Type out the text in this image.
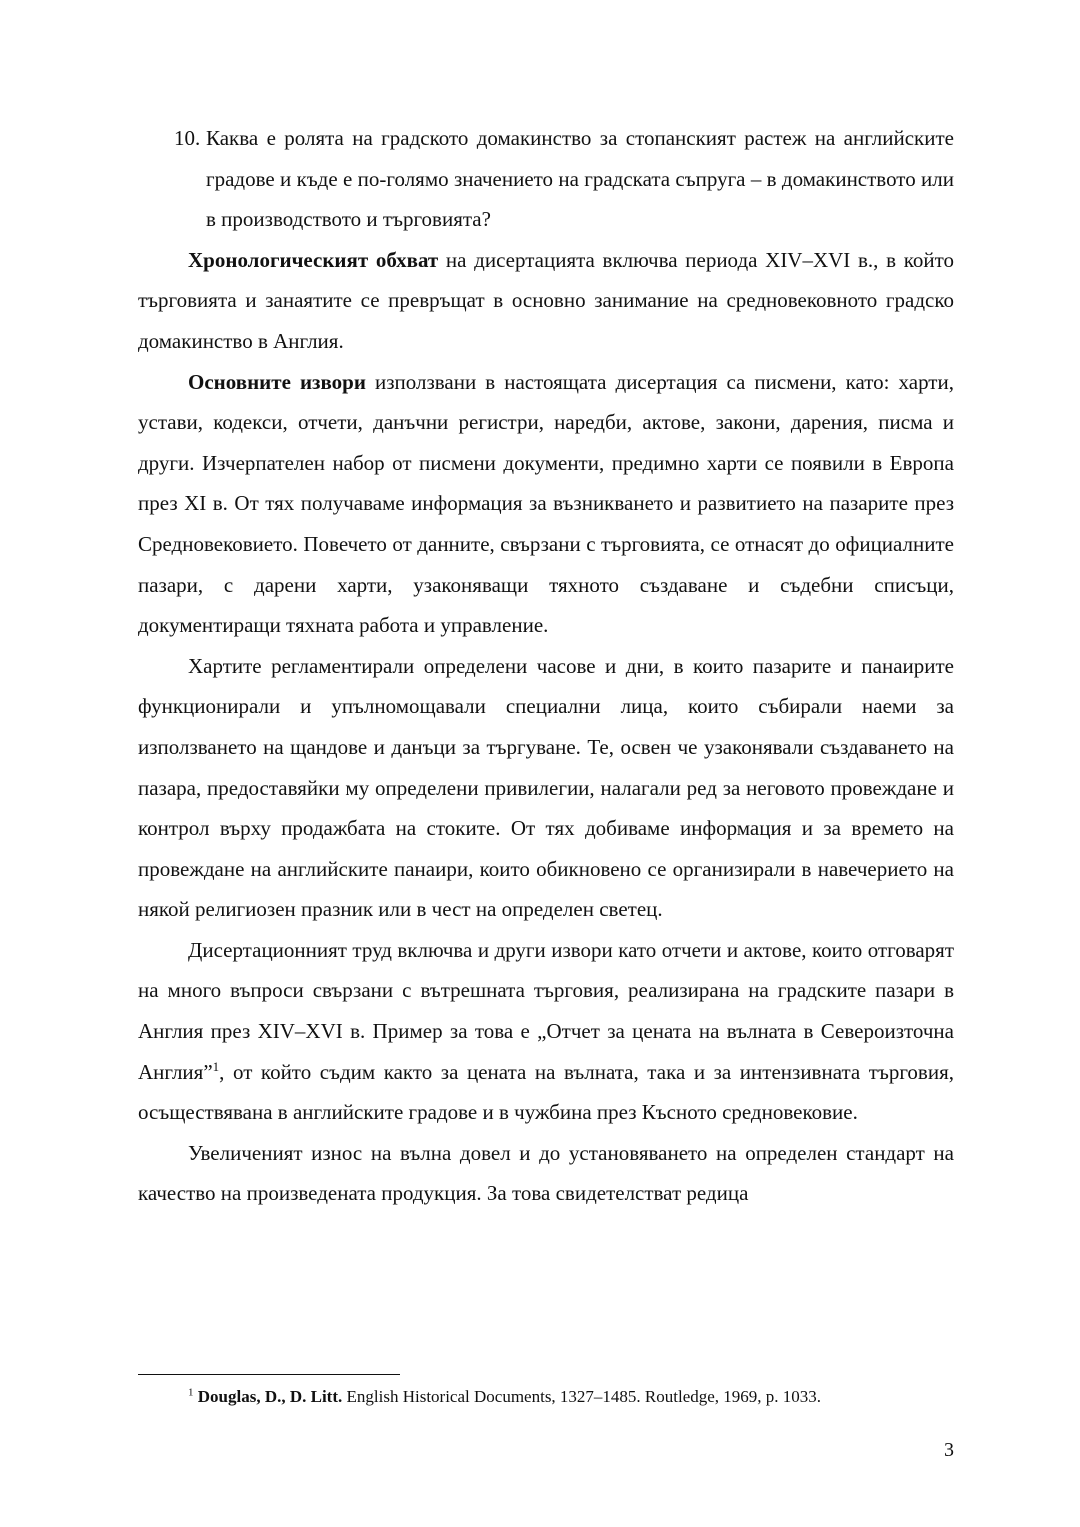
10. Каква е ролята на градското домакинство за стопанският растеж на английските градове и къде е по-голямо значението на градската съпруга – в домакинството или в производството и търговията?

Хронологическият обхват на дисертацията включва периода XIV–XVI в., в който търговията и занаятите се превръщат в основно занимание на средновековното градско домакинство в Англия.

Основните извори използвани в настоящата дисертация са писмени, като: харти, устави, кодекси, отчети, данъчни регистри, наредби, актове, закони, дарения, писма и други. Изчерпателен набор от писмени документи, предимно харти се появили в Европа през XI в. От тях получаваме информация за възникването и развитието на пазарите през Средновековието. Повечето от данните, свързани с търговията, се отнасят до официалните пазари, с дарени харти, узаконяващи тяхното създаване и съдебни списъци, документиращи тяхната работа и управление.

Хартите регламентирали определени часове и дни, в които пазарите и панаирите функционирали и упълномощавали специални лица, които събирали наеми за използването на щандове и данъци за търгуване. Те, освен че узаконявали създаването на пазара, предоставяйки му определени привилегии, налагали ред за неговото провеждане и контрол върху продажбата на стоките. От тях добиваме информация и за времето на провеждане на английските панаири, които обикновено се организирали в навечерието на някой религиозен празник или в чест на определен светец.

Дисертационният труд включва и други извори като отчети и актове, които отговарят на много въпроси свързани с вътрешната търговия, реализирана на градските пазари в Англия през XIV–XVI в. Пример за това е „Отчет за цената на вълната в Североизточна Англия”$^1$, от който съдим както за цената на вълната, така и за интензивната търговия, осъществявана в английските градове и в чужбина през Късното средновековие.

Увеличеният износ на вълна довел и до установяването на определен стандарт на качество на произведената продукция. За това свидетелстват редица

$^1$ Douglas, D., D. Litt. English Historical Documents, 1327–1485. Routledge, 1969, p. 1033.
3
